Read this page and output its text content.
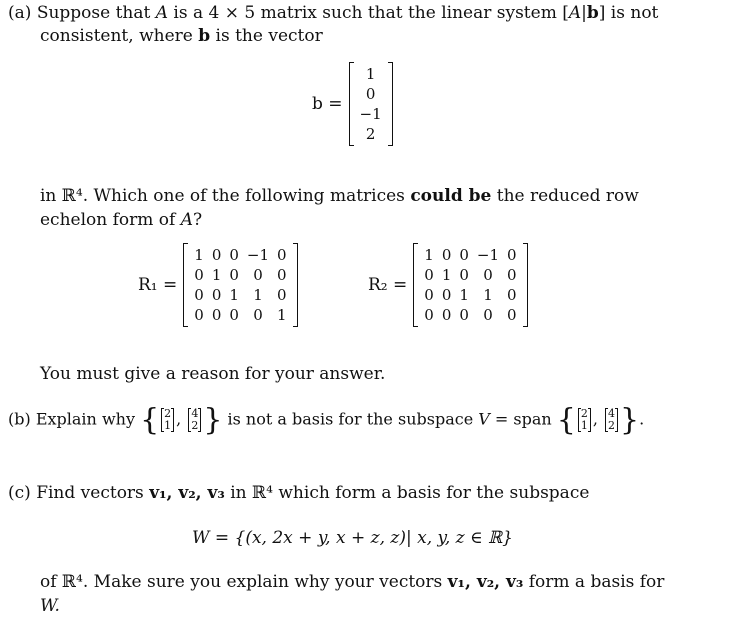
(a) Suppose that A is a 4 × 5 matrix such that the linear system [A|b] is not
consistent, where b is the vector
b =
1
0
−1
2
in ℝ⁴. Which one of the following matrices could be the reduced row
echelon form of A?
R₁ =
1	0	0	−1	0
0	1	0	0	0
0	0	1	1	0
0	0	0	0	1
R₂ =
1	0	0	−1	0
0	1	0	0	0
0	0	1	1	0
0	0	0	0	0
You must give a reason for your answer.
(b) Explain why { 2
1 , 4
2 } is not a basis for the subspace V = span { 2
1 , 4
2 }.
(c) Find vectors v₁, v₂, v₃ in ℝ⁴ which form a basis for the subspace
W = {(x, 2x + y, x + z, z)| x, y, z ∈ ℝ}
of ℝ⁴. Make sure you explain why your vectors v₁, v₂, v₃ form a basis for
W.
